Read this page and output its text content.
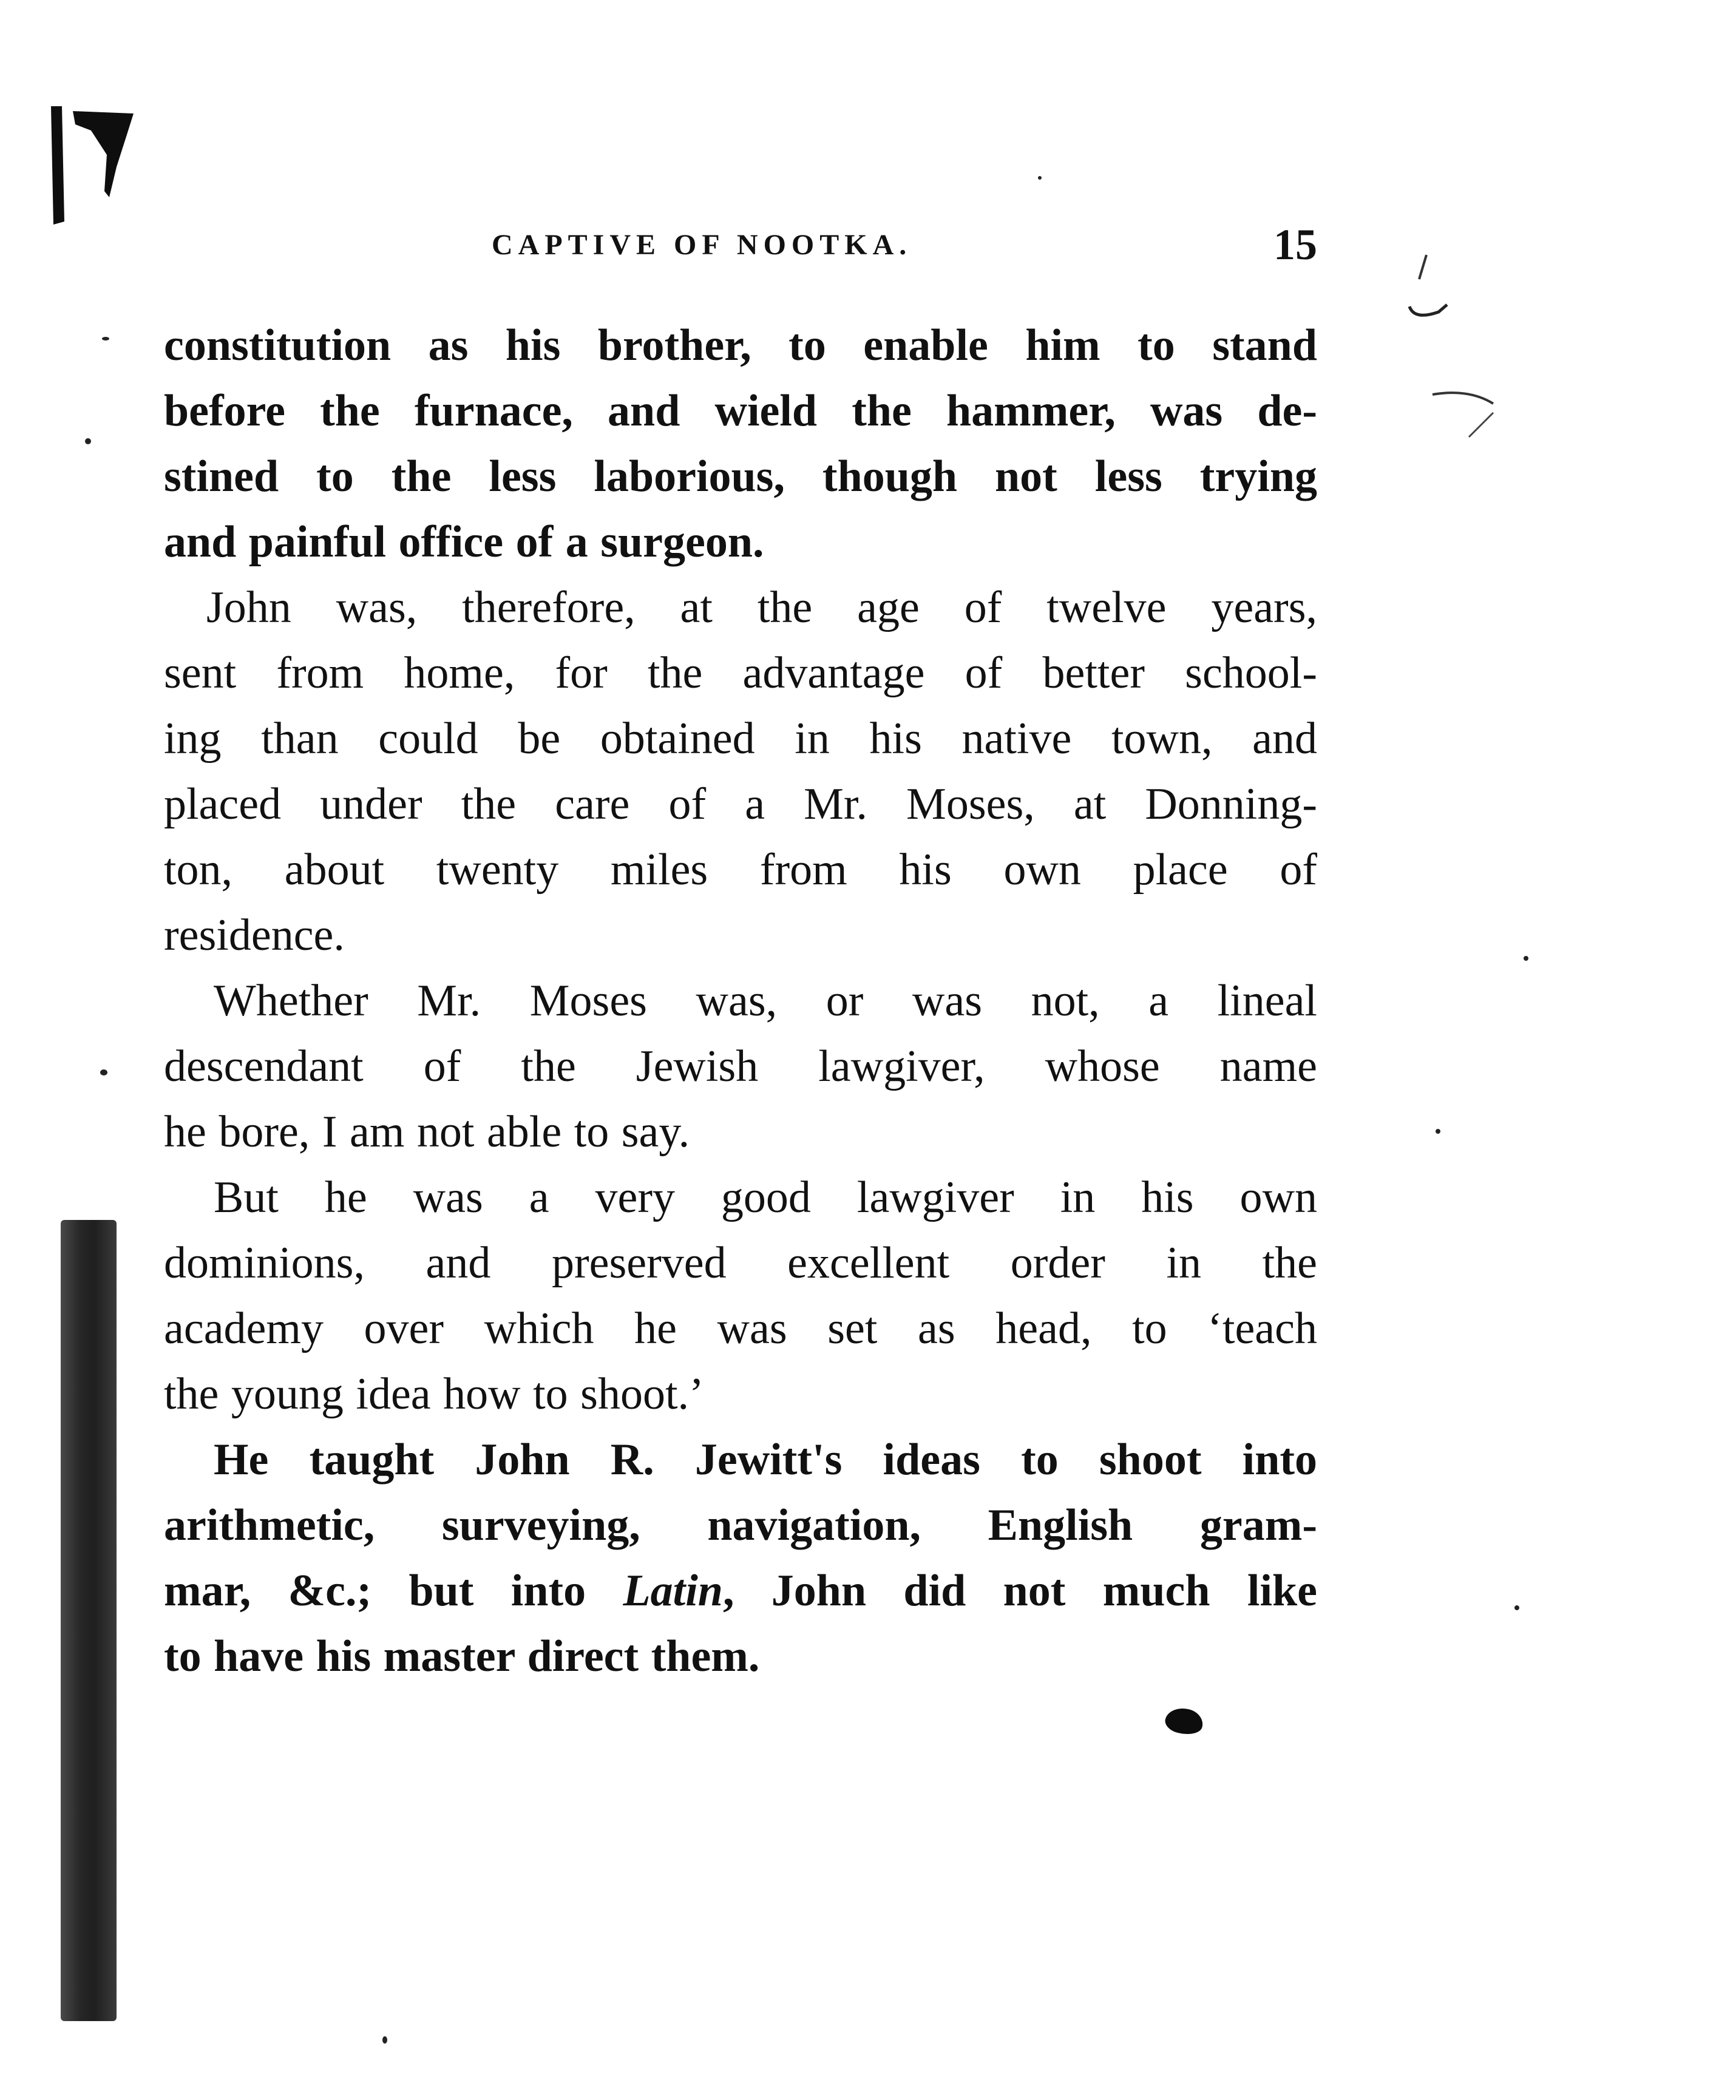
CAPTIVE OF NOOTKA.	15

constitution as his brother, to enable him to stand
before the furnace, and wield the hammer, was de-
stined to the less laborious, though not less trying
and painful office of a surgeon.

John was, therefore, at the age of twelve years,
sent from home, for the advantage of better school-
ing than could be obtained in his native town, and
placed under the care of a Mr. Moses, at Donning-
ton, about twenty miles from his own place of
residence.

Whether Mr. Moses was, or was not, a lineal
descendant of the Jewish lawgiver, whose name
he bore, I am not able to say.

But he was a very good lawgiver in his own
dominions, and preserved excellent order in the
academy over which he was set as head, to ‘teach
the young idea how to shoot.’

He taught John R. Jewitt's ideas to shoot into
arithmetic, surveying, navigation, English gram-
mar, &c.; but into Latin, John did not much like
to have his master direct them.
